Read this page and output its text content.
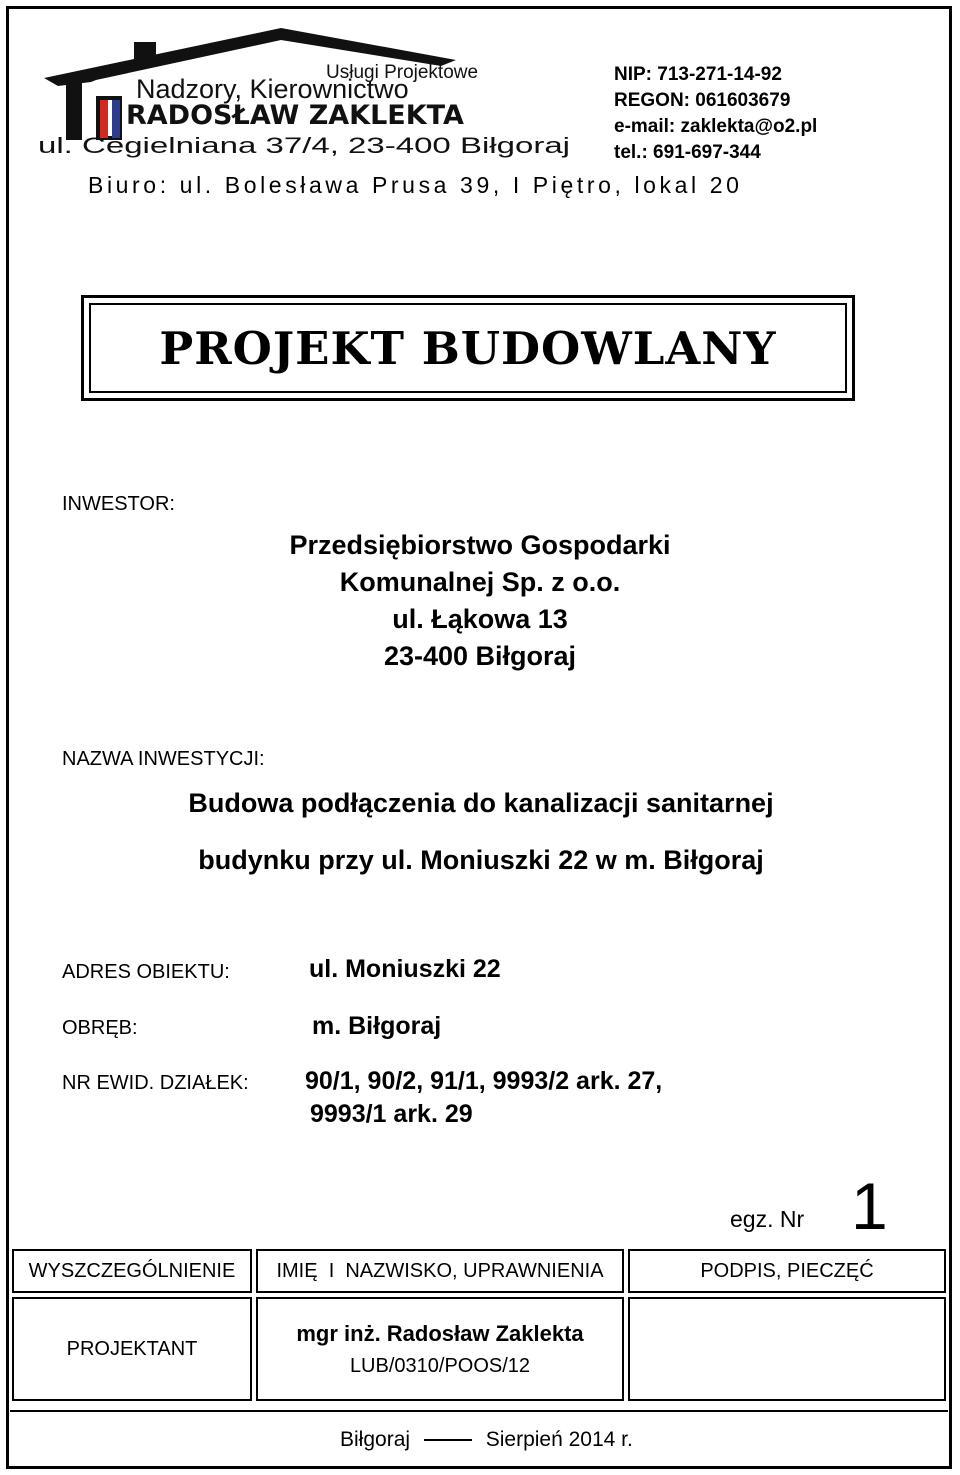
Usługi Projektowe
Nadzory, Kierownictwo
RADOSŁAW ZAKLEKTA
ul. Cegielniana 37/4, 23-400 Biłgoraj
NIP: 713-271-14-92
REGON: 061603679
e-mail: zaklekta@o2.pl
tel.: 691-697-344
Biuro: ul. Bolesława Prusa 39, I Piętro, lokal 20
PROJEKT BUDOWLANY
INWESTOR:
Przedsiębiorstwo Gospodarki
Komunalnej Sp. z o.o.
ul. Łąkowa 13
23-400 Biłgoraj
NAZWA INWESTYCJI:
Budowa podłączenia do kanalizacji sanitarnej
budynku przy ul. Moniuszki 22 w m. Biłgoraj
ADRES OBIEKTU:	ul. Moniuszki 22
OBRĘB:	m. Biłgoraj
NR EWID. DZIAŁEK: 90/1, 90/2, 91/1, 9993/2 ark. 27,
9993/1 ark. 29
egz. Nr 1
WYSZCZEGÓLNIENIE	IMIĘ  I  NAZWISKO, UPRAWNIENIA	PODPIS, PIECZĘĆ
PROJEKTANT	mgr inż. Radosław Zaklekta
LUB/0310/POOS/12	

Biłgoraj	Sierpień 2014 r.
